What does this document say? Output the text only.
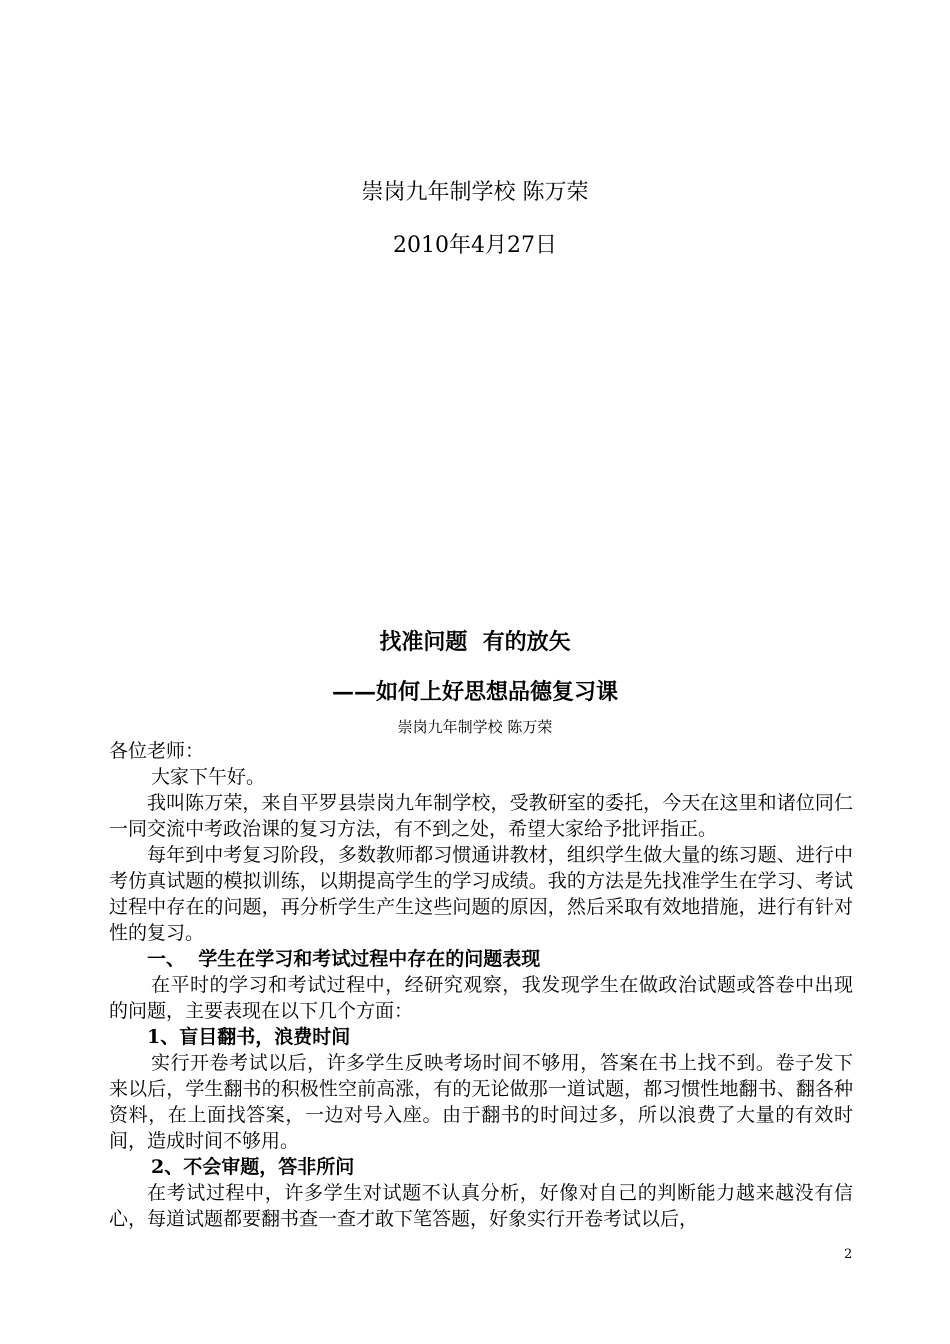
崇岗九年制学校 陈万荣
2010年4月27日
找准问题  有的放矢
——如何上好思想品德复习课
崇岗九年制学校 陈万荣

各位老师：

大家下午好。

我叫陈万荣，来自平罗县崇岗九年制学校，受教研室的委托，今天在这里和诸位同仁一同交流中考政治课的复习方法，有不到之处，希望大家给予批评指正。

每年到中考复习阶段，多数教师都习惯通讲教材，组织学生做大量的练习题、进行中考仿真试题的模拟训练，以期提高学生的学习成绩。我的方法是先找准学生在学习、考试过程中存在的问题，再分析学生产生这些问题的原因，然后采取有效地措施，进行有针对性的复习。

一、  学生在学习和考试过程中存在的问题表现

在平时的学习和考试过程中，经研究观察，我发现学生在做政治试题或答卷中出现的问题，主要表现在以下几个方面：

1、盲目翻书，浪费时间

实行开卷考试以后，许多学生反映考场时间不够用，答案在书上找不到。卷子发下来以后，学生翻书的积极性空前高涨，有的无论做那一道试题，都习惯性地翻书、翻各种资料，在上面找答案，一边对号入座。由于翻书的时间过多，所以浪费了大量的有效时间，造成时间不够用。

2、不会审题，答非所问

在考试过程中，许多学生对试题不认真分析，好像对自己的判断能力越来越没有信心，每道试题都要翻书查一查才敢下笔答题，好象实行开卷考试以后，

2
